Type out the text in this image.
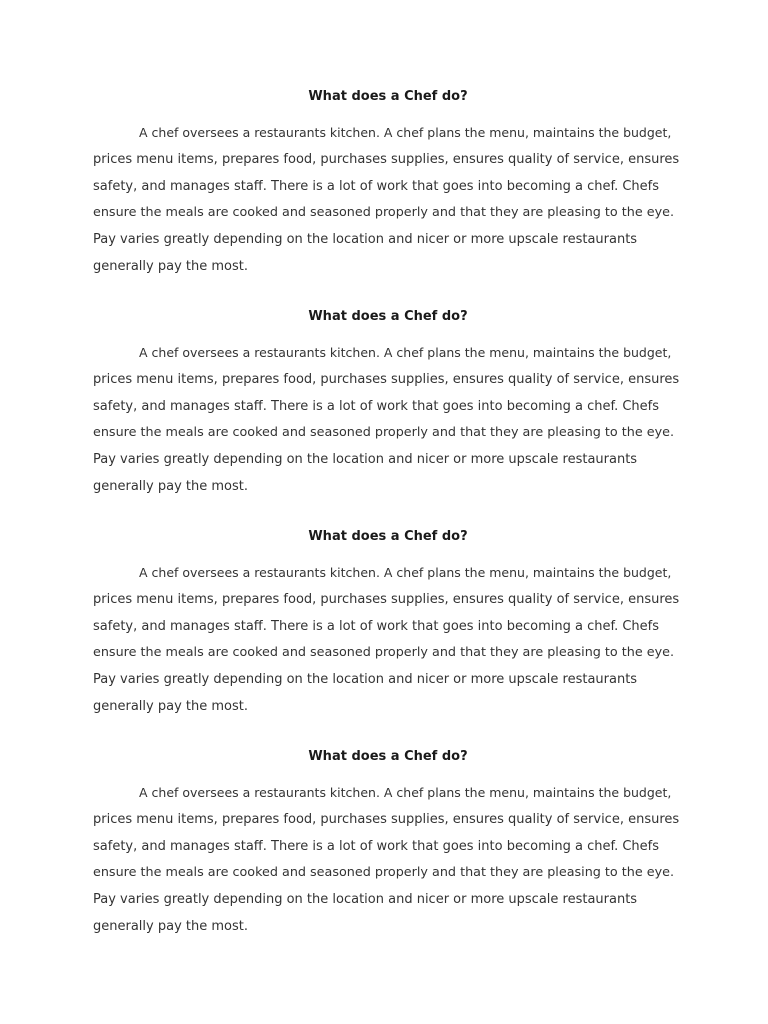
What does a Chef do?

A chef oversees a restaurants kitchen. A chef plans the menu, maintains the budget,
prices menu items, prepares food, purchases supplies, ensures quality of service, ensures
safety, and manages staff. There is a lot of work that goes into becoming a chef. Chefs
ensure the meals are cooked and seasoned properly and that they are pleasing to the eye.
Pay varies greatly depending on the location and nicer or more upscale restaurants
generally pay the most.

What does a Chef do?

A chef oversees a restaurants kitchen. A chef plans the menu, maintains the budget,
prices menu items, prepares food, purchases supplies, ensures quality of service, ensures
safety, and manages staff. There is a lot of work that goes into becoming a chef. Chefs
ensure the meals are cooked and seasoned properly and that they are pleasing to the eye.
Pay varies greatly depending on the location and nicer or more upscale restaurants
generally pay the most.

What does a Chef do?

A chef oversees a restaurants kitchen. A chef plans the menu, maintains the budget,
prices menu items, prepares food, purchases supplies, ensures quality of service, ensures
safety, and manages staff. There is a lot of work that goes into becoming a chef. Chefs
ensure the meals are cooked and seasoned properly and that they are pleasing to the eye.
Pay varies greatly depending on the location and nicer or more upscale restaurants
generally pay the most.

What does a Chef do?

A chef oversees a restaurants kitchen. A chef plans the menu, maintains the budget,
prices menu items, prepares food, purchases supplies, ensures quality of service, ensures
safety, and manages staff. There is a lot of work that goes into becoming a chef. Chefs
ensure the meals are cooked and seasoned properly and that they are pleasing to the eye.
Pay varies greatly depending on the location and nicer or more upscale restaurants
generally pay the most.
